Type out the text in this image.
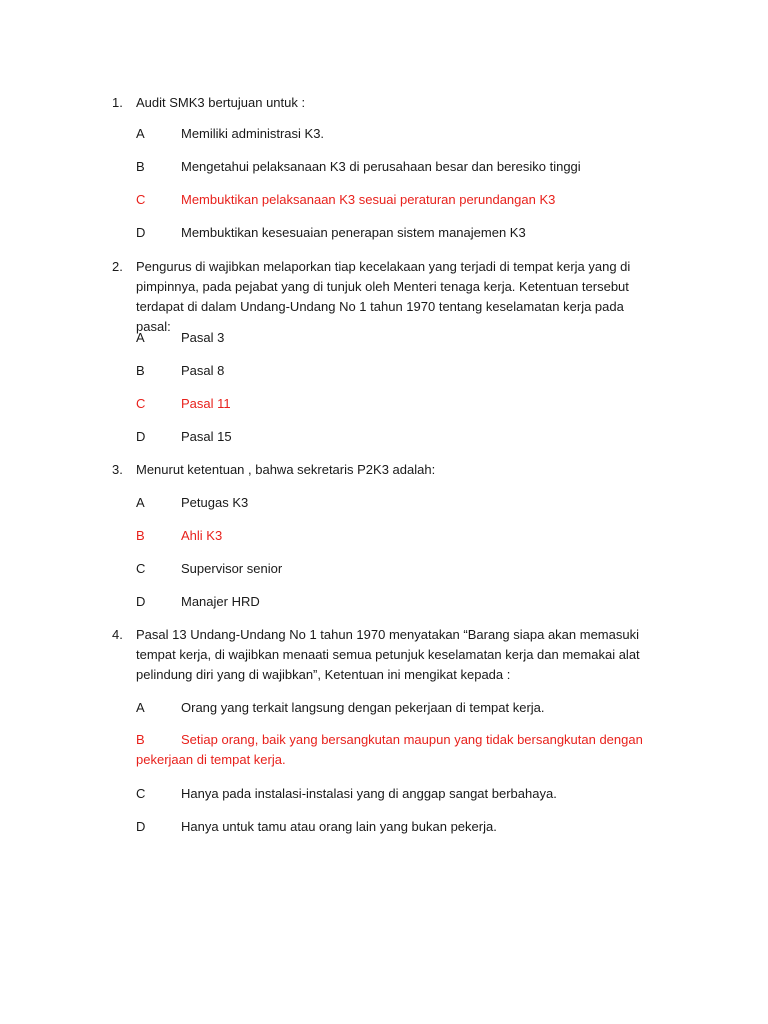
1. Audit SMK3 bertujuan untuk :
A	Memiliki administrasi K3.
B	Mengetahui pelaksanaan K3 di perusahaan besar dan beresiko tinggi
C	Membuktikan pelaksanaan K3 sesuai peraturan perundangan K3
D	Membuktikan kesesuaian penerapan sistem manajemen K3
2. Pengurus di wajibkan melaporkan tiap kecelakaan yang terjadi di tempat kerja yang di pimpinnya, pada pejabat yang di tunjuk oleh Menteri tenaga kerja. Ketentuan tersebut terdapat di dalam Undang-Undang No 1 tahun 1970 tentang keselamatan kerja pada pasal:
A	Pasal 3
B	Pasal 8
C	Pasal 11
D	Pasal 15
3. Menurut ketentuan , bahwa sekretaris P2K3 adalah:
A	Petugas K3
B	Ahli K3
C	Supervisor senior
D	Manajer HRD
4. Pasal 13 Undang-Undang No 1 tahun 1970 menyatakan “Barang siapa akan memasuki tempat kerja, di wajibkan menaati semua petunjuk keselamatan kerja dan memakai alat pelindung diri yang di wajibkan”, Ketentuan ini mengikat kepada :
A	Orang yang terkait langsung dengan pekerjaan di tempat kerja.
B	Setiap orang, baik yang bersangkutan maupun yang tidak bersangkutan dengan pekerjaan di tempat kerja.
C	Hanya pada instalasi-instalasi yang di anggap sangat berbahaya.
D	Hanya untuk tamu atau orang lain yang bukan pekerja.
